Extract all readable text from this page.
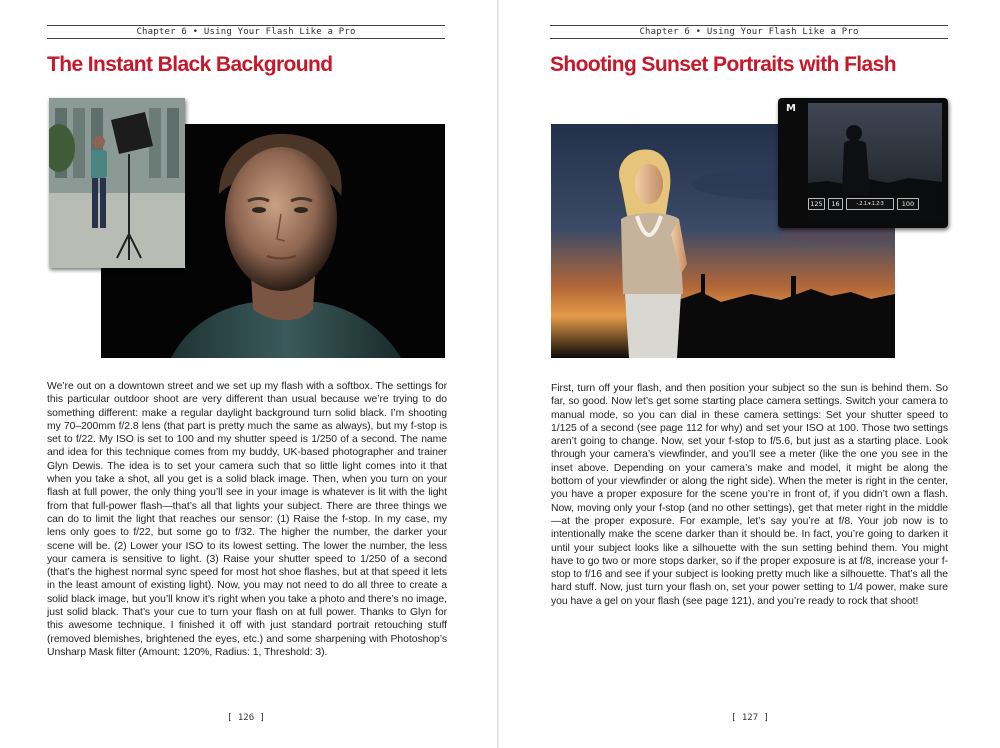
Chapter 6 • Using Your Flash Like a Pro
The Instant Black Background

We’re out on a downtown street and we set up my flash with a softbox. The settings for this particular outdoor shoot are very different than usual because we’re trying to do something different: make a regular daylight background turn solid black. I’m shooting my 70–200mm f/2.8 lens (that part is pretty much the same as always), but my f-stop is set to f/22. My ISO is set to 100 and my shutter speed is 1/250 of a second. The name and idea for this technique comes from my buddy, UK-based photographer and trainer Glyn Dewis. The idea is to set your camera such that so little light comes into it that when you take a shot, all you get is a solid black image. Then, when you turn on your flash at full power, the only thing you’ll see in your image is whatever is lit with the light from that full-power flash—that’s all that lights your subject. There are three things we can do to limit the light that reaches our sensor: (1) Raise the f-stop. In my case, my lens only goes to f/22, but some go to f/32. The higher the number, the darker your scene will be. (2) Lower your ISO to its lowest setting. The lower the number, the less your camera is sensitive to light. (3) Raise your shutter speed to 1/250 of a second (that’s the highest normal sync speed for most hot shoe flashes, but at that speed it lets in the least amount of existing light). Now, you may not need to do all three to create a solid black image, but you’ll know it’s right when you take a photo and there’s no image, just solid black. That’s your cue to turn your flash on at full power. Thanks to Glyn for this awesome technique. I finished it off with just standard portrait retouching stuff (removed blemishes, brightened the eyes, etc.) and some sharpening with Photoshop’s Unsharp Mask filter (Amount: 120%, Radius: 1, Threshold: 3).

[ 126 ]
Chapter 6 • Using Your Flash Like a Pro
Shooting Sunset Portraits with Flash
M
125	16	-.2.1.▾.1.2:3	100

First, turn off your flash, and then position your subject so the sun is behind them. So far, so good. Now let’s get some starting place camera settings. Switch your camera to manual mode, so you can dial in these camera settings: Set your shutter speed to 1/125 of a second (see page 112 for why) and set your ISO at 100. Those two settings aren’t going to change. Now, set your f-stop to f/5.6, but just as a starting place. Look through your camera’s viewfinder, and you’ll see a meter (like the one you see in the inset above. Depending on your camera’s make and model, it might be along the bottom of your viewfinder or along the right side). When the meter is right in the center, you have a proper exposure for the scene you’re in front of, if you didn’t own a flash. Now, moving only your f-stop (and no other settings), get that meter right in the middle—at the proper exposure. For example, let’s say you’re at f/8. Your job now is to intentionally make the scene darker than it should be. In fact, you’re going to darken it until your subject looks like a silhouette with the sun setting behind them. You might have to go two or more stops darker, so if the proper exposure is at f/8, increase your f-stop to f/16 and see if your subject is looking pretty much like a silhouette. That’s all the hard stuff. Now, just turn your flash on, set your power setting to 1/4 power, make sure you have a gel on your flash (see page 121), and you’re ready to rock that shoot!

[ 127 ]
